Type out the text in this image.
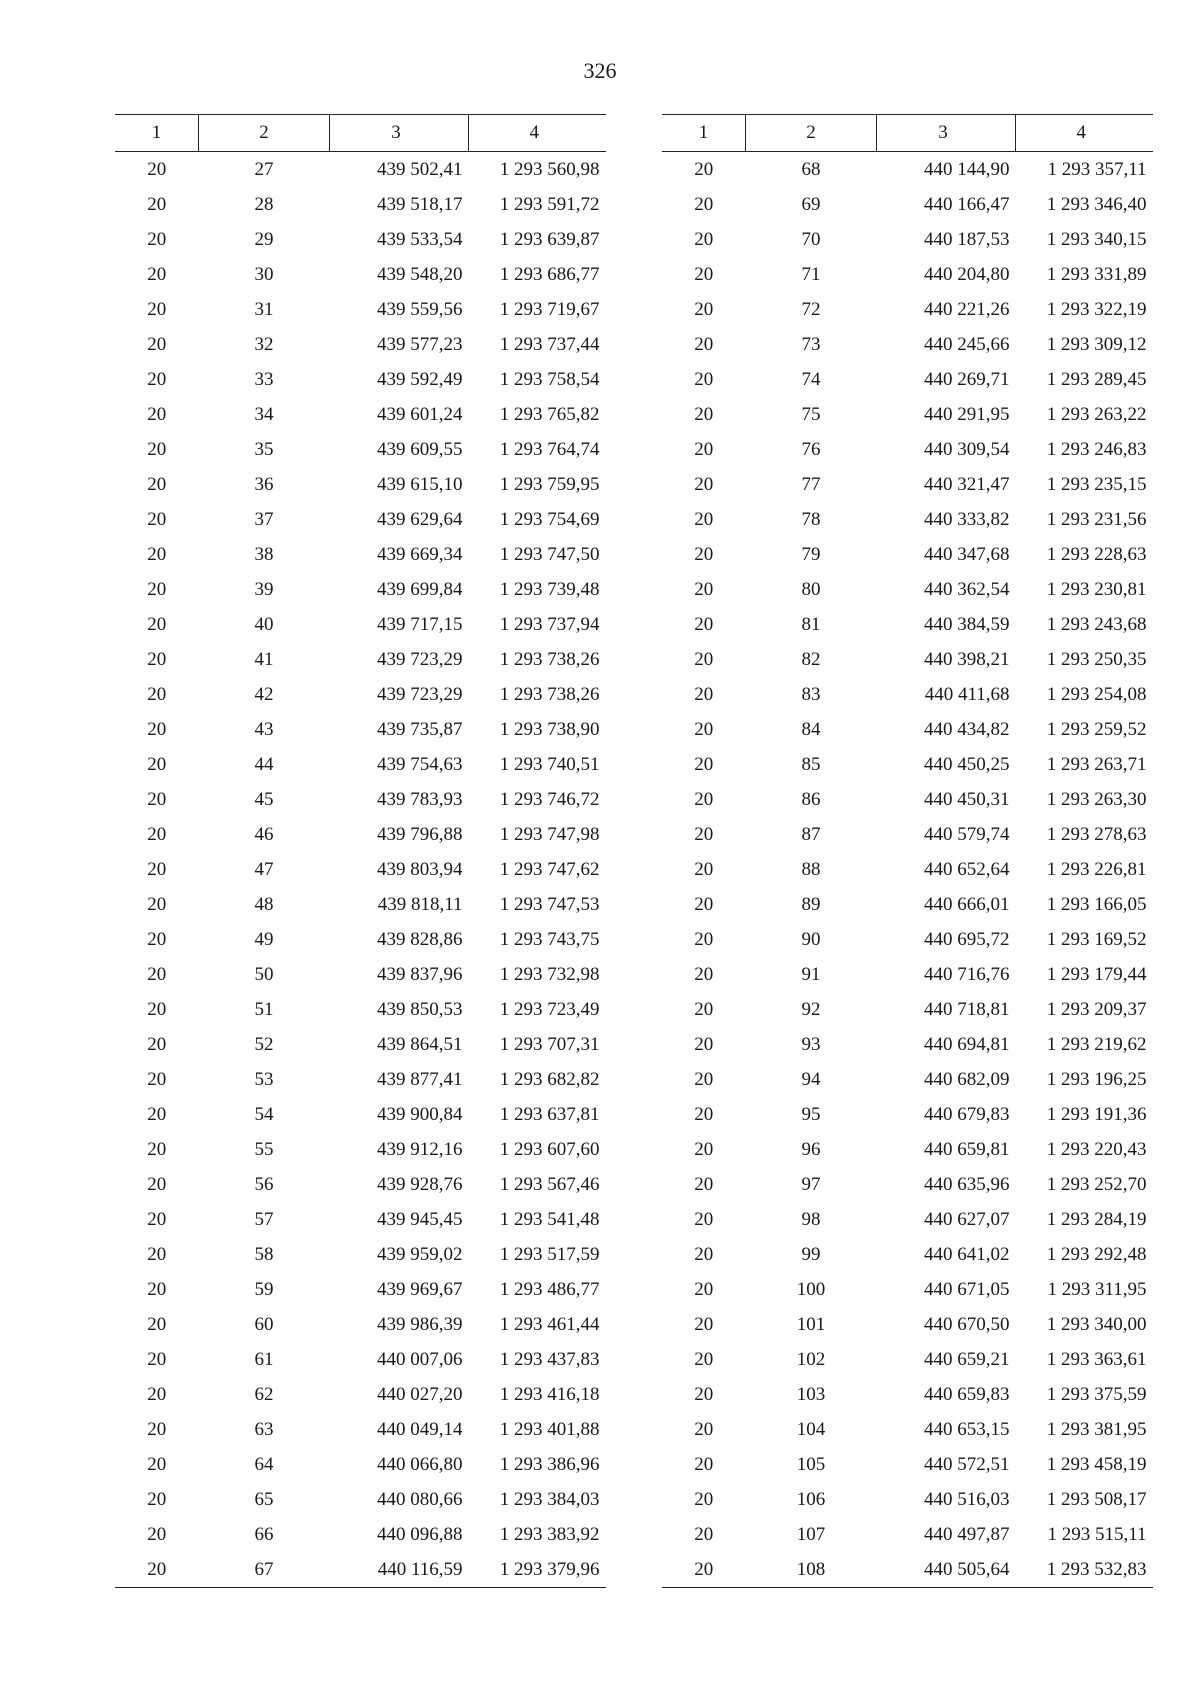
326
1	2	3	4
20	27	439 502,41	1 293 560,98
20	28	439 518,17	1 293 591,72
20	29	439 533,54	1 293 639,87
20	30	439 548,20	1 293 686,77
20	31	439 559,56	1 293 719,67
20	32	439 577,23	1 293 737,44
20	33	439 592,49	1 293 758,54
20	34	439 601,24	1 293 765,82
20	35	439 609,55	1 293 764,74
20	36	439 615,10	1 293 759,95
20	37	439 629,64	1 293 754,69
20	38	439 669,34	1 293 747,50
20	39	439 699,84	1 293 739,48
20	40	439 717,15	1 293 737,94
20	41	439 723,29	1 293 738,26
20	42	439 723,29	1 293 738,26
20	43	439 735,87	1 293 738,90
20	44	439 754,63	1 293 740,51
20	45	439 783,93	1 293 746,72
20	46	439 796,88	1 293 747,98
20	47	439 803,94	1 293 747,62
20	48	439 818,11	1 293 747,53
20	49	439 828,86	1 293 743,75
20	50	439 837,96	1 293 732,98
20	51	439 850,53	1 293 723,49
20	52	439 864,51	1 293 707,31
20	53	439 877,41	1 293 682,82
20	54	439 900,84	1 293 637,81
20	55	439 912,16	1 293 607,60
20	56	439 928,76	1 293 567,46
20	57	439 945,45	1 293 541,48
20	58	439 959,02	1 293 517,59
20	59	439 969,67	1 293 486,77
20	60	439 986,39	1 293 461,44
20	61	440 007,06	1 293 437,83
20	62	440 027,20	1 293 416,18
20	63	440 049,14	1 293 401,88
20	64	440 066,80	1 293 386,96
20	65	440 080,66	1 293 384,03
20	66	440 096,88	1 293 383,92
20	67	440 116,59	1 293 379,96
1	2	3	4
20	68	440 144,90	1 293 357,11
20	69	440 166,47	1 293 346,40
20	70	440 187,53	1 293 340,15
20	71	440 204,80	1 293 331,89
20	72	440 221,26	1 293 322,19
20	73	440 245,66	1 293 309,12
20	74	440 269,71	1 293 289,45
20	75	440 291,95	1 293 263,22
20	76	440 309,54	1 293 246,83
20	77	440 321,47	1 293 235,15
20	78	440 333,82	1 293 231,56
20	79	440 347,68	1 293 228,63
20	80	440 362,54	1 293 230,81
20	81	440 384,59	1 293 243,68
20	82	440 398,21	1 293 250,35
20	83	440 411,68	1 293 254,08
20	84	440 434,82	1 293 259,52
20	85	440 450,25	1 293 263,71
20	86	440 450,31	1 293 263,30
20	87	440 579,74	1 293 278,63
20	88	440 652,64	1 293 226,81
20	89	440 666,01	1 293 166,05
20	90	440 695,72	1 293 169,52
20	91	440 716,76	1 293 179,44
20	92	440 718,81	1 293 209,37
20	93	440 694,81	1 293 219,62
20	94	440 682,09	1 293 196,25
20	95	440 679,83	1 293 191,36
20	96	440 659,81	1 293 220,43
20	97	440 635,96	1 293 252,70
20	98	440 627,07	1 293 284,19
20	99	440 641,02	1 293 292,48
20	100	440 671,05	1 293 311,95
20	101	440 670,50	1 293 340,00
20	102	440 659,21	1 293 363,61
20	103	440 659,83	1 293 375,59
20	104	440 653,15	1 293 381,95
20	105	440 572,51	1 293 458,19
20	106	440 516,03	1 293 508,17
20	107	440 497,87	1 293 515,11
20	108	440 505,64	1 293 532,83
